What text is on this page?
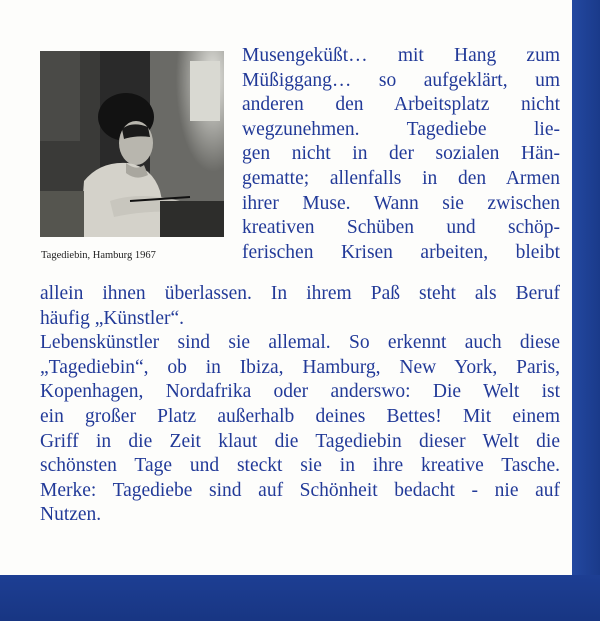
Tagediebin, Hamburg 1967
Musengeküßt… mit Hang zum
Müßiggang… so aufgeklärt, um
anderen den Arbeitsplatz nicht
wegzunehmen. Tagediebe lie-
gen nicht in der sozialen Hän-
gematte; allenfalls in den Armen
ihrer Muse. Wann sie zwischen
kreativen Schüben und schöp-
ferischen Krisen arbeiten, bleibt
allein ihnen überlassen. In ihrem Paß steht als Beruf
häufig „Künstler“.
Lebenskünstler sind sie allemal. So erkennt auch diese
„Tagediebin“, ob in Ibiza, Hamburg, New York, Paris,
Kopenhagen, Nordafrika oder anderswo: Die Welt ist
ein großer Platz außerhalb deines Bettes! Mit einem
Griff in die Zeit klaut die Tagediebin dieser Welt die
schönsten Tage und steckt sie in ihre kreative Tasche.
Merke: Tagediebe sind auf Schönheit bedacht - nie auf
Nutzen.
